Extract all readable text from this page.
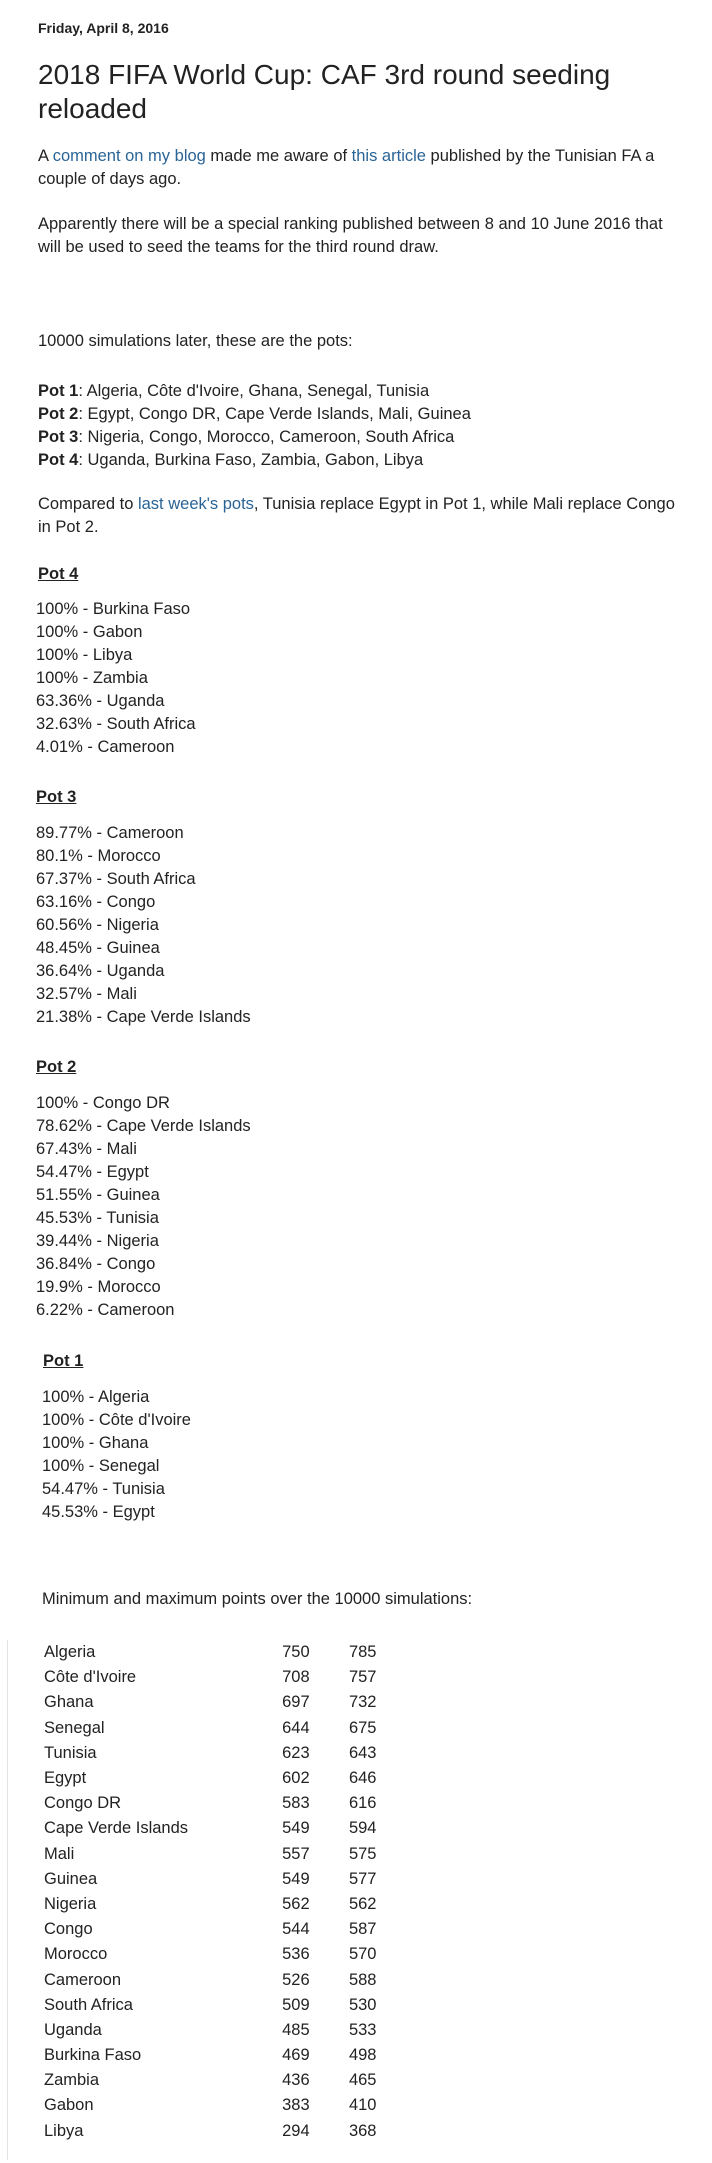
Friday, April 8, 2016
2018 FIFA World Cup: CAF 3rd round seeding reloaded

A comment on my blog made me aware of this article published by the Tunisian FA a couple of days ago.

Apparently there will be a special ranking published between 8 and 10 June 2016 that will be used to seed the teams for the third round draw.

10000 simulations later, these are the pots:

Pot 1: Algeria, Côte d'Ivoire, Ghana, Senegal, Tunisia
Pot 2: Egypt, Congo DR, Cape Verde Islands, Mali, Guinea
Pot 3: Nigeria, Congo, Morocco, Cameroon, South Africa
Pot 4: Uganda, Burkina Faso, Zambia, Gabon, Libya

Compared to last week's pots, Tunisia replace Egypt in Pot 1, while Mali replace Congo in Pot 2.

Pot 4
100% - Burkina Faso
100% - Gabon
100% - Libya
100% - Zambia
63.36% - Uganda
32.63% - South Africa
4.01% - Cameroon
Pot 3
89.77% - Cameroon
80.1% - Morocco
67.37% - South Africa
63.16% - Congo
60.56% - Nigeria
48.45% - Guinea
36.64% - Uganda
32.57% - Mali
21.38% - Cape Verde Islands
Pot 2
100% - Congo DR
78.62% - Cape Verde Islands
67.43% - Mali
54.47% - Egypt
51.55% - Guinea
45.53% - Tunisia
39.44% - Nigeria
36.84% - Congo
19.9% - Morocco
6.22% - Cameroon
Pot 1
100% - Algeria
100% - Côte d'Ivoire
100% - Ghana
100% - Senegal
54.47% - Tunisia
45.53% - Egypt
Minimum and maximum points over the 10000 simulations:
Algeria	750	785
Côte d'Ivoire	708	757
Ghana	697	732
Senegal	644	675
Tunisia	623	643
Egypt	602	646
Congo DR	583	616
Cape Verde Islands	549	594
Mali	557	575
Guinea	549	577
Nigeria	562	562
Congo	544	587
Morocco	536	570
Cameroon	526	588
South Africa	509	530
Uganda	485	533
Burkina Faso	469	498
Zambia	436	465
Gabon	383	410
Libya	294	368
